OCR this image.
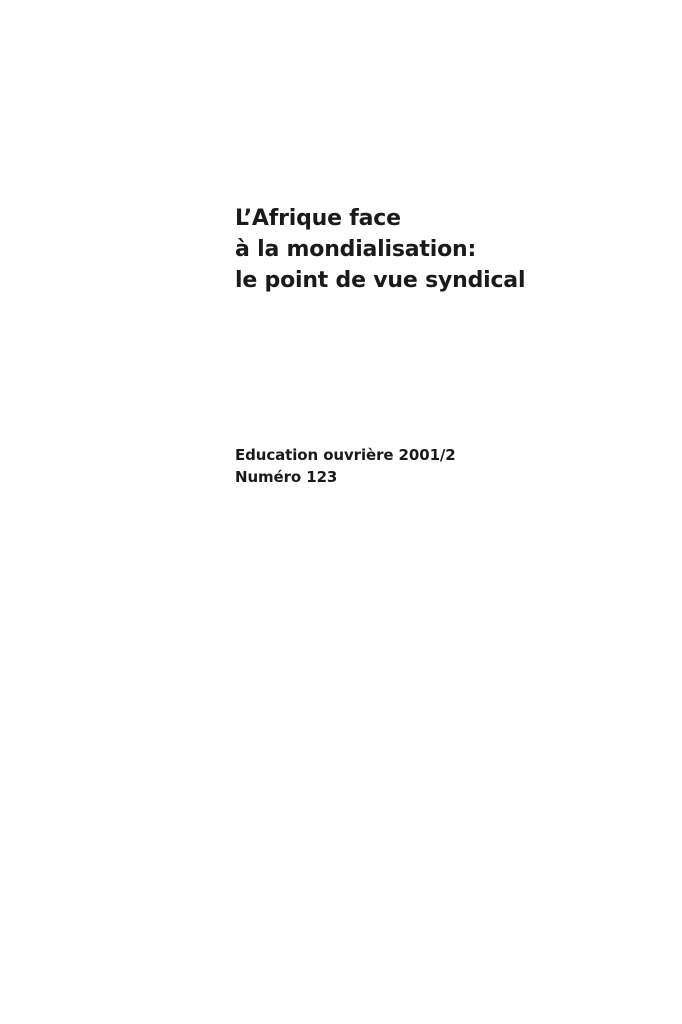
L’Afrique face
à la mondialisation:
le point de vue syndical
Education ouvrière 2001/2
Numéro 123
